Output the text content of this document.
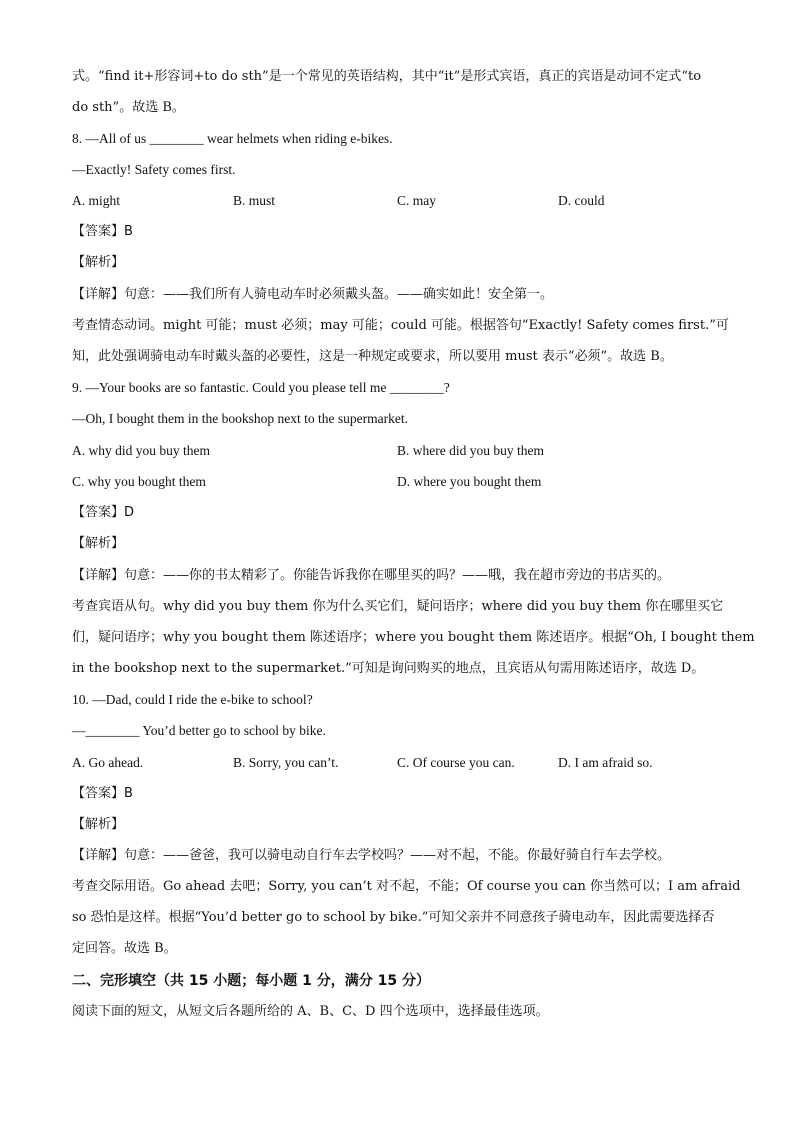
式。“find it+形容词+to do sth”是一个常见的英语结构，其中“it”是形式宾语，真正的宾语是动词不定式“to
do sth”。故选 B。
8. —All of us ________ wear helmets when riding e-bikes.
—Exactly! Safety comes first.
A. might	B. must	C. may	D. could
【答案】B
【解析】
【详解】句意：——我们所有人骑电动车时必须戴头盔。——确实如此！安全第一。
考查情态动词。might 可能；must 必须；may 可能；could 可能。根据答句“Exactly! Safety comes first.”可
知，此处强调骑电动车时戴头盔的必要性，这是一种规定或要求，所以要用 must 表示“必须”。故选 B。
9. —Your books are so fantastic. Could you please tell me ________?
—Oh, I bought them in the bookshop next to the supermarket.
A. why did you buy them	B. where did you buy them
C. why you bought them	D. where you bought them
【答案】D
【解析】
【详解】句意：——你的书太精彩了。你能告诉我你在哪里买的吗？——哦，我在超市旁边的书店买的。
考查宾语从句。why did you buy them 你为什么买它们，疑问语序；where did you buy them 你在哪里买它
们，疑问语序；why you bought them 陈述语序；where you bought them 陈述语序。根据“Oh, I bought them
in the bookshop next to the supermarket.”可知是询问购买的地点，且宾语从句需用陈述语序，故选 D。
10. —Dad, could I ride the e-bike to school?
—________ You’d better go to school by bike.
A. Go ahead.	B. Sorry, you can’t.	C. Of course you can.	D. I am afraid so.
【答案】B
【解析】
【详解】句意：——爸爸，我可以骑电动自行车去学校吗？——对不起，不能。你最好骑自行车去学校。
考查交际用语。Go ahead 去吧；Sorry, you can’t 对不起，不能；Of course you can 你当然可以；I am afraid
so 恐怕是这样。根据“You’d better go to school by bike.”可知父亲并不同意孩子骑电动车，因此需要选择否
定回答。故选 B。
二、完形填空（共 15 小题；每小题 1 分，满分 15 分）
阅读下面的短文，从短文后各题所给的 A、B、C、D 四个选项中，选择最佳选项。
